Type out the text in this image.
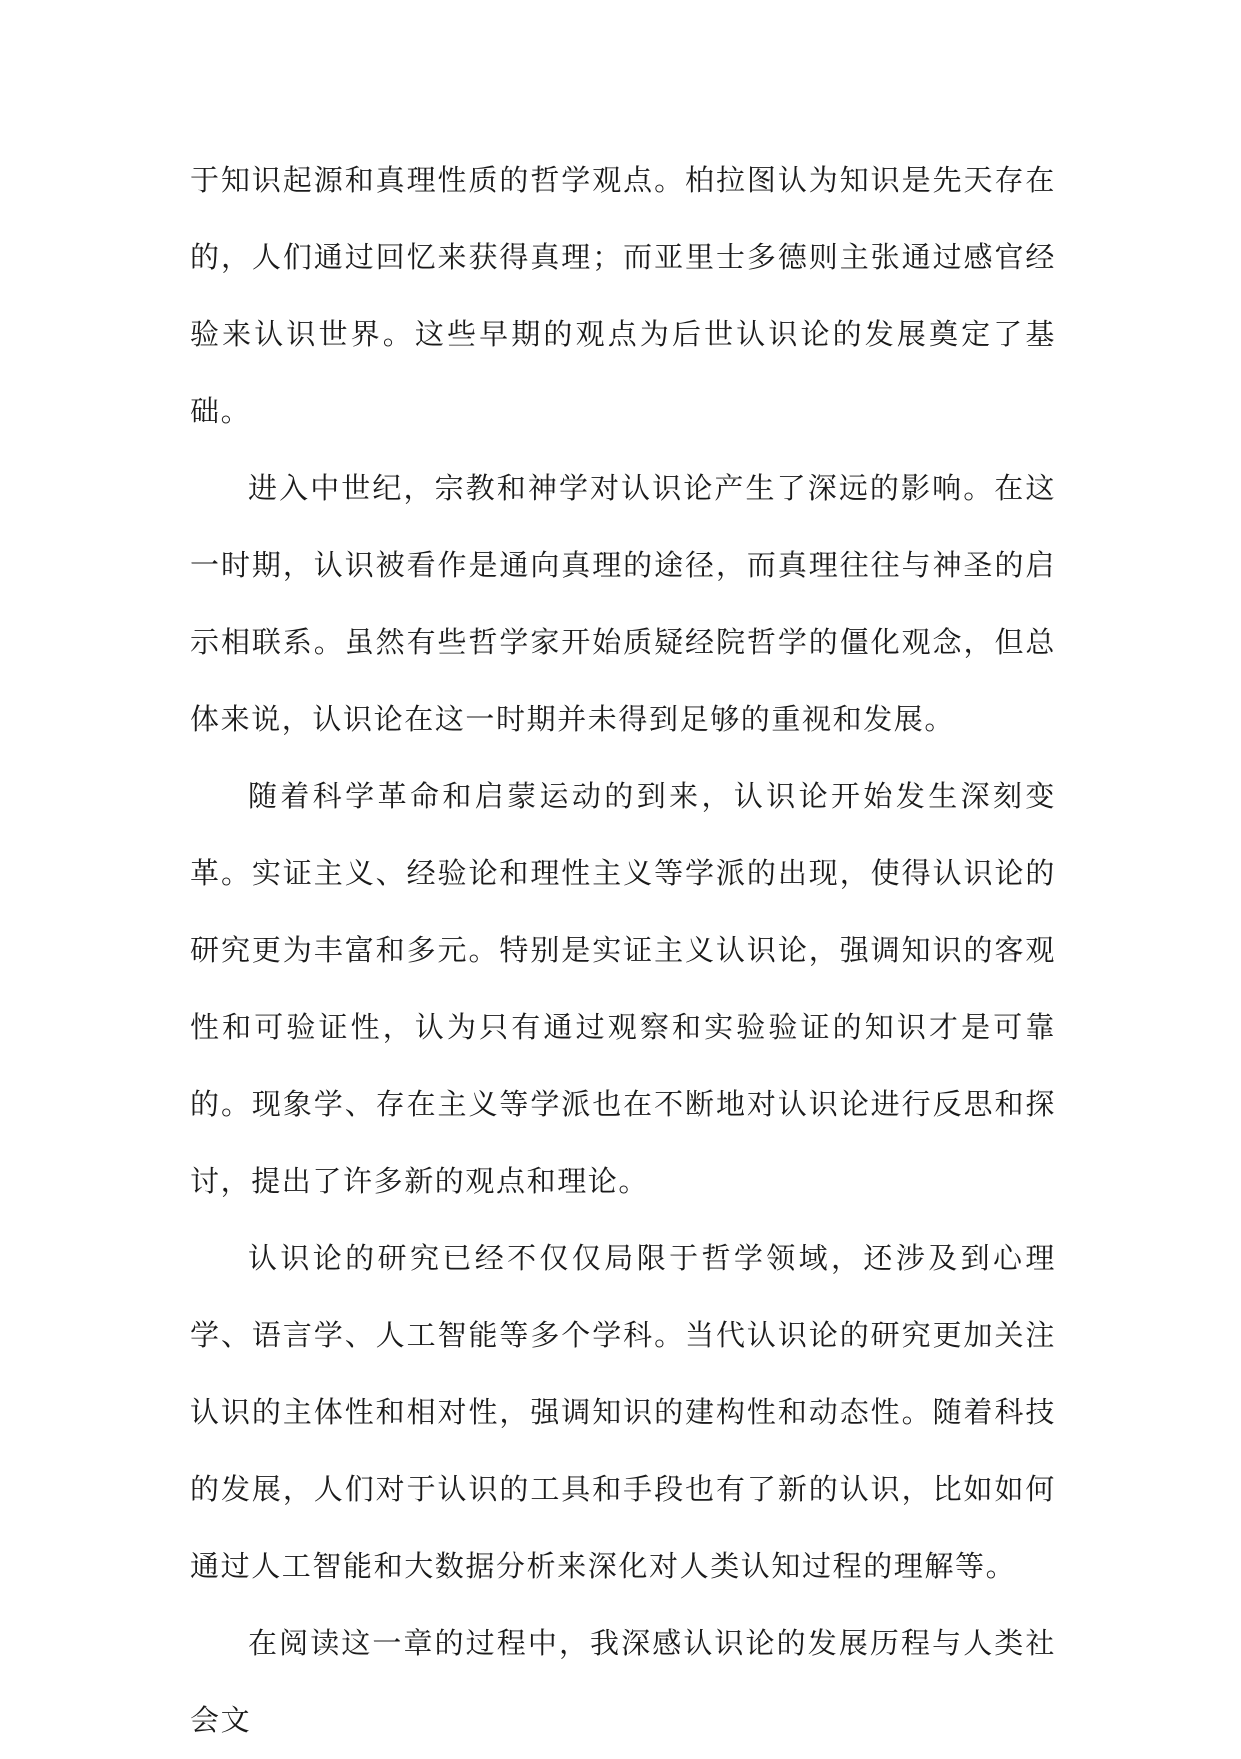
于知识起源和真理性质的哲学观点。柏拉图认为知识是先天存在的，人们通过回忆来获得真理；而亚里士多德则主张通过感官经验来认识世界。这些早期的观点为后世认识论的发展奠定了基础。

进入中世纪，宗教和神学对认识论产生了深远的影响。在这一时期，认识被看作是通向真理的途径，而真理往往与神圣的启示相联系。虽然有些哲学家开始质疑经院哲学的僵化观念，但总体来说，认识论在这一时期并未得到足够的重视和发展。

随着科学革命和启蒙运动的到来，认识论开始发生深刻变革。实证主义、经验论和理性主义等学派的出现，使得认识论的研究更为丰富和多元。特别是实证主义认识论，强调知识的客观性和可验证性，认为只有通过观察和实验验证的知识才是可靠的。现象学、存在主义等学派也在不断地对认识论进行反思和探讨，提出了许多新的观点和理论。

认识论的研究已经不仅仅局限于哲学领域，还涉及到心理学、语言学、人工智能等多个学科。当代认识论的研究更加关注认识的主体性和相对性，强调知识的建构性和动态性。随着科技的发展，人们对于认识的工具和手段也有了新的认识，比如如何通过人工智能和大数据分析来深化对人类认知过程的理解等。

在阅读这一章的过程中，我深感认识论的发展历程与人类社会文
